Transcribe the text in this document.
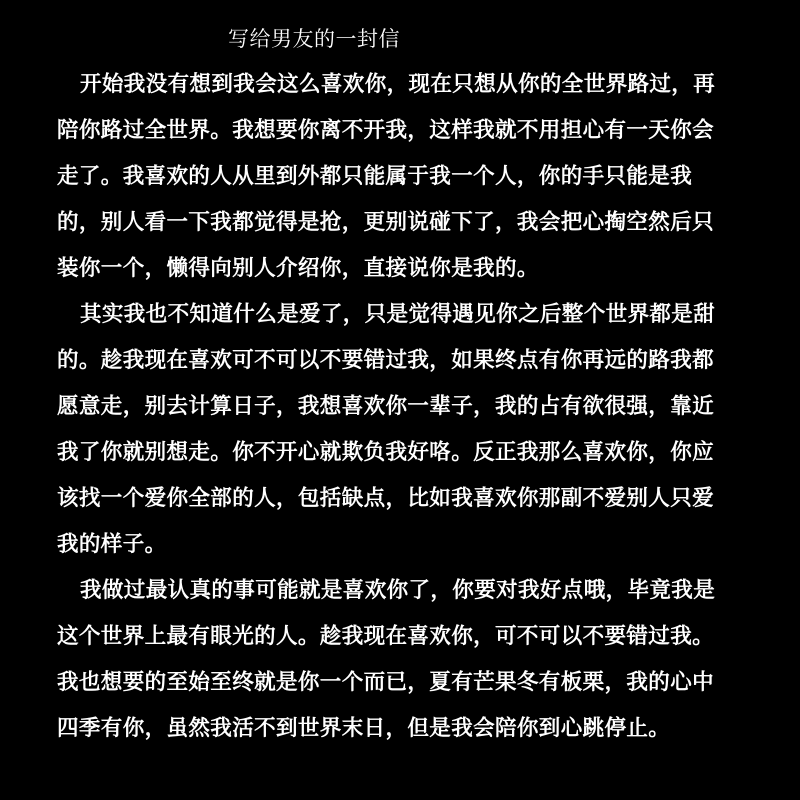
写给男友的一封信

开始我没有想到我会这么喜欢你，现在只想从你的全世界路过，再

陪你路过全世界。我想要你离不开我，这样我就不用担心有一天你会

走了。我喜欢的人从里到外都只能属于我一个人，你的手只能是我

的，别人看一下我都觉得是抢，更别说碰下了，我会把心掏空然后只

装你一个，懒得向别人介绍你，直接说你是我的。

其实我也不知道什么是爱了，只是觉得遇见你之后整个世界都是甜

的。趁我现在喜欢可不可以不要错过我，如果终点有你再远的路我都

愿意走，别去计算日子，我想喜欢你一辈子，我的占有欲很强，靠近

我了你就别想走。你不开心就欺负我好咯。反正我那么喜欢你，你应

该找一个爱你全部的人，包括缺点，比如我喜欢你那副不爱别人只爱

我的样子。

我做过最认真的事可能就是喜欢你了，你要对我好点哦，毕竟我是

这个世界上最有眼光的人。趁我现在喜欢你，可不可以不要错过我。

我也想要的至始至终就是你一个而已，夏有芒果冬有板栗，我的心中

四季有你，虽然我活不到世界末日，但是我会陪你到心跳停止。
